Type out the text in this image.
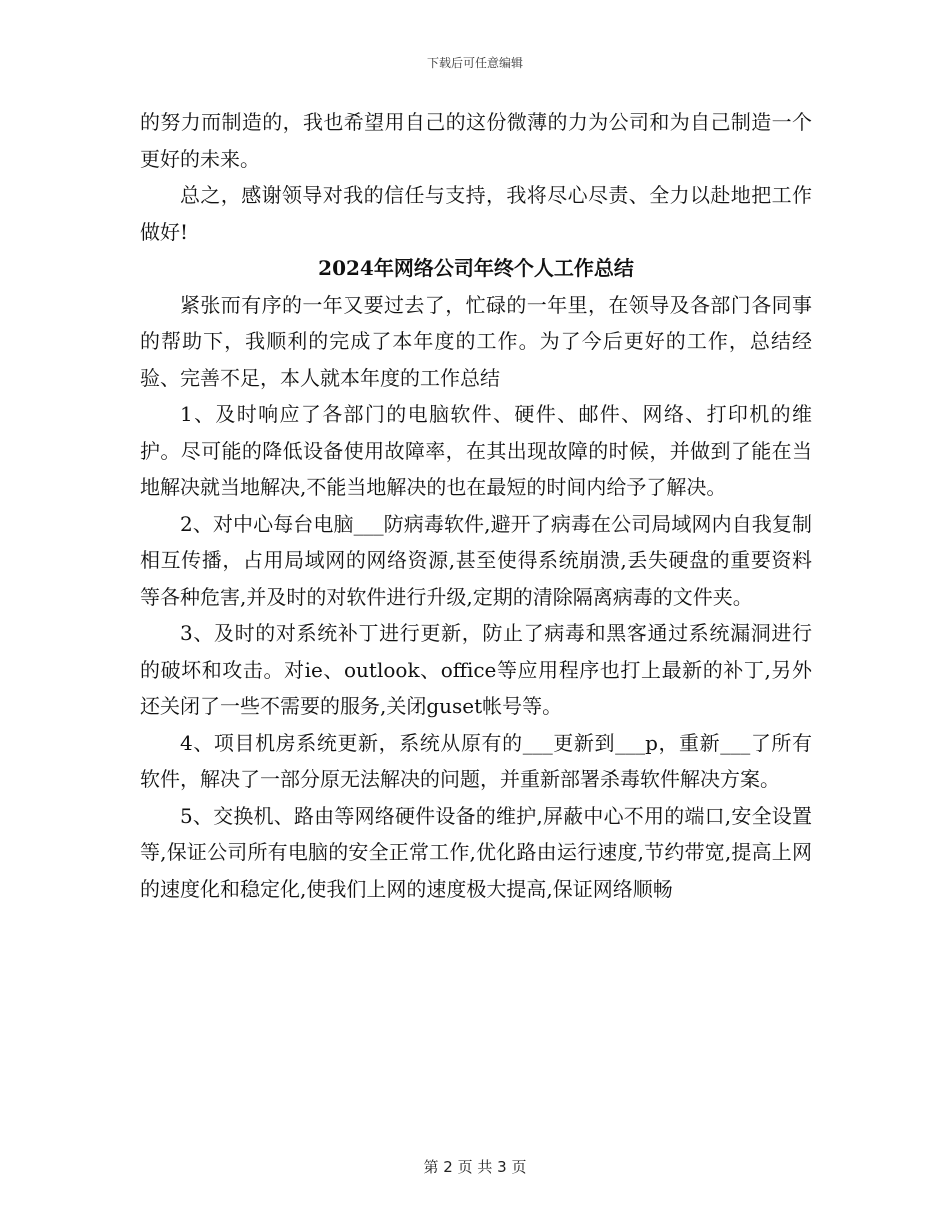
下载后可任意编辑

的努力而制造的，我也希望用自己的这份微薄的力为公司和为自己制造一个更好的未来。

总之，感谢领导对我的信任与支持，我将尽心尽责、全力以赴地把工作做好!

2024年网络公司年终个人工作总结

紧张而有序的一年又要过去了，忙碌的一年里，在领导及各部门各同事的帮助下，我顺利的完成了本年度的工作。为了今后更好的工作，总结经验、完善不足，本人就本年度的工作总结

1、及时响应了各部门的电脑软件、硬件、邮件、网络、打印机的维护。尽可能的降低设备使用故障率，在其出现故障的时候，并做到了能在当地解决就当地解决,不能当地解决的也在最短的时间内给予了解决。

2、对中心每台电脑___防病毒软件,避开了病毒在公司局域网内自我复制相互传播，占用局域网的网络资源,甚至使得系统崩溃,丢失硬盘的重要资料等各种危害,并及时的对软件进行升级,定期的清除隔离病毒的文件夹。

3、及时的对系统补丁进行更新，防止了病毒和黑客通过系统漏洞进行的破坏和攻击。对ie、outlook、office等应用程序也打上最新的补丁,另外还关闭了一些不需要的服务,关闭guset帐号等。

4、项目机房系统更新，系统从原有的___更新到___p，重新___了所有软件，解决了一部分原无法解决的问题，并重新部署杀毒软件解决方案。

5、交换机、路由等网络硬件设备的维护,屏蔽中心不用的端口,安全设置等,保证公司所有电脑的安全正常工作,优化路由运行速度,节约带宽,提高上网的速度化和稳定化,使我们上网的速度极大提高,保证网络顺畅

第 2 页 共 3 页
